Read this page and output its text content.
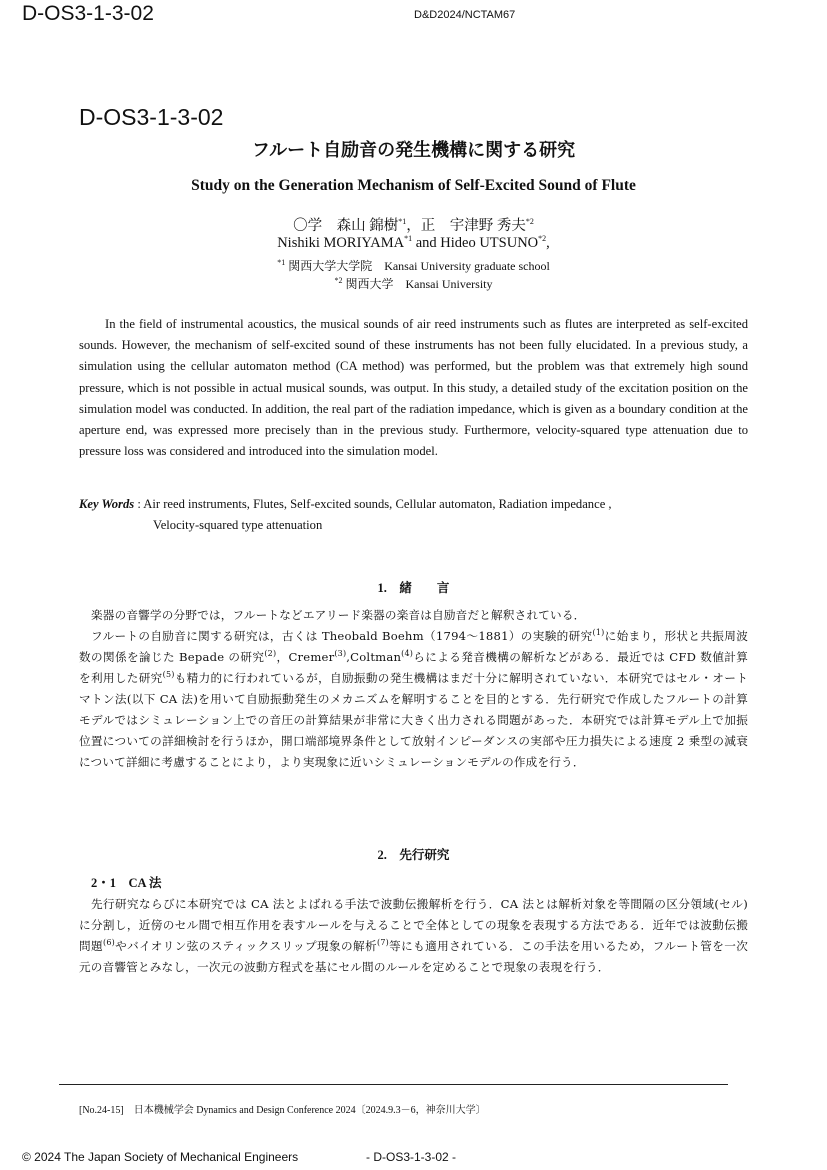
D-OS3-1-3-02	D&D2024/NCTAM67
D-OS3-1-3-02
フルート自励音の発生機構に関する研究
Study on the Generation Mechanism of Self-Excited Sound of Flute
〇学　森山 錦樹$^{*1}$，正　宇津野 秀夫$^{*2}$
Nishiki MORIYAMA$^{*1}$ and Hideo UTSUNO$^{*2}$,
$^{*1}$ 関西大学大学院　Kansai University graduate school
$^{*2}$ 関西大学　Kansai University
In the field of instrumental acoustics, the musical sounds of air reed instruments such as flutes are interpreted as self-excited sounds. However, the mechanism of self-excited sound of these instruments has not been fully elucidated. In a previous study, a simulation using the cellular automaton method (CA method) was performed, but the problem was that extremely high sound pressure, which is not possible in actual musical sounds, was output. In this study, a detailed study of the excitation position on the simulation model was conducted. In addition, the real part of the radiation impedance, which is given as a boundary condition at the aperture end, was expressed more precisely than in the previous study. Furthermore, velocity-squared type attenuation due to pressure loss was considered and introduced into the simulation model.
Key Words : Air reed instruments, Flutes, Self-excited sounds, Cellular automaton, Radiation impedance ,
Velocity-squared type attenuation
1.　緒　　言
楽器の音響学の分野では，フルートなどエアリード楽器の楽音は自励音だと解釈されている．
フルートの自励音に関する研究は，古くは Theobald Boehm（1794～1881）の実験的研究$^{(1)}$に始まり，形状と共振周波数の関係を論じた Bepade の研究$^{(2)}$，Cremer$^{(3)}$,Coltman$^{(4)}$らによる発音機構の解析などがある．最近では CFD 数値計算を利用した研究$^{(5)}$も精力的に行われているが，自励振動の発生機構はまだ十分に解明されていない．本研究ではセル・オートマトン法(以下 CA 法)を用いて自励振動発生のメカニズムを解明することを目的とする．先行研究で作成したフルートの計算モデルではシミュレーション上での音圧の計算結果が非常に大きく出力される問題があった．本研究では計算モデル上で加振位置についての詳細検討を行うほか，開口端部境界条件として放射インピーダンスの実部や圧力損失による速度 2 乗型の減衰について詳細に考慮することにより，より実現象に近いシミュレーションモデルの作成を行う．
2.　先行研究
2・1　CA 法
先行研究ならびに本研究では CA 法とよばれる手法で波動伝搬解析を行う．CA 法とは解析対象を等間隔の区分領域(セル)に分割し，近傍のセル間で相互作用を表すルールを与えることで全体としての現象を表現する方法である．近年では波動伝搬問題$^{(6)}$やバイオリン弦のスティックスリップ現象の解析$^{(7)}$等にも適用されている．この手法を用いるため，フルート管を一次元の音響管とみなし，一次元の波動方程式を基にセル間のルールを定めることで現象の表現を行う．
[No.24-15]　日本機械学会 Dynamics and Design Conference 2024〔2024.9.3－6，神奈川大学〕
© 2024 The Japan Society of Mechanical Engineers	- D-OS3-1-3-02 -
